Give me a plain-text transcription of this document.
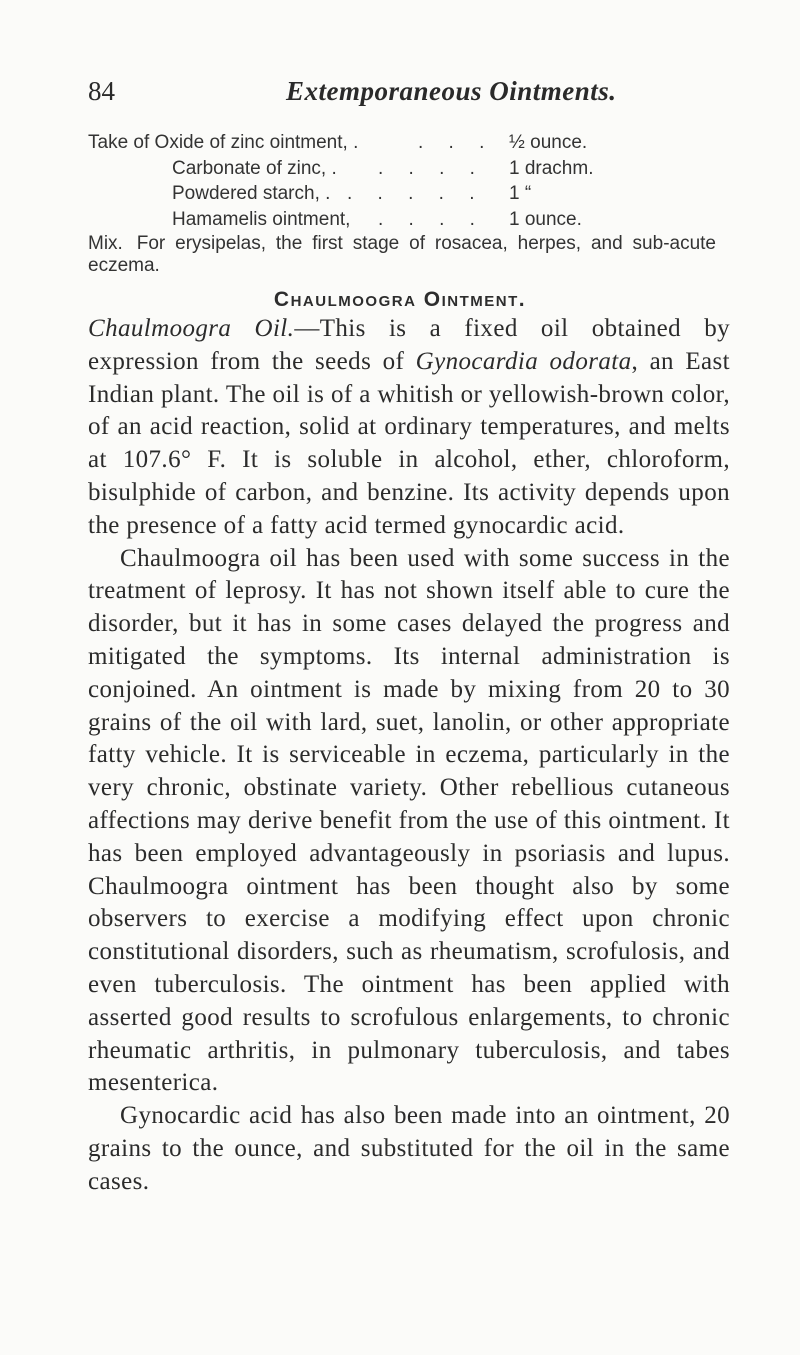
84	Extemporaneous Ointments.
Take of Oxide of zinc ointment, .	. . . ½ ounce.
Carbonate of zinc, . . . . . 1 drachm.
Powdered starch, . . . . . . 1 “
Hamamelis ointment, . . . . 1 ounce.
Mix. For erysipelas, the first stage of rosacea, herpes, and sub-acute eczema.
Chaulmoogra Ointment.

Chaulmoogra Oil.—This is a fixed oil obtained by expression from the seeds of Gynocardia odorata, an East Indian plant. The oil is of a whitish or yellowish-brown color, of an acid reaction, solid at ordinary temperatures, and melts at 107.6° F. It is soluble in alcohol, ether, chloroform, bisulphide of carbon, and benzine. Its activity depends upon the presence of a fatty acid termed gynocardic acid.

Chaulmoogra oil has been used with some success in the treatment of leprosy. It has not shown itself able to cure the disorder, but it has in some cases delayed the progress and mitigated the symptoms. Its internal administration is conjoined. An ointment is made by mixing from 20 to 30 grains of the oil with lard, suet, lanolin, or other appropriate fatty vehicle. It is serviceable in eczema, particularly in the very chronic, obstinate variety. Other rebellious cutaneous affections may derive benefit from the use of this ointment. It has been employed advantageously in psoriasis and lupus. Chaulmoogra ointment has been thought also by some observers to exercise a modifying effect upon chronic constitutional disorders, such as rheumatism, scrofulosis, and even tuberculosis. The ointment has been applied with asserted good results to scrofulous enlargements, to chronic rheumatic arthritis, in pulmonary tuberculosis, and tabes mesenterica.

Gynocardic acid has also been made into an ointment, 20 grains to the ounce, and substituted for the oil in the same cases.
